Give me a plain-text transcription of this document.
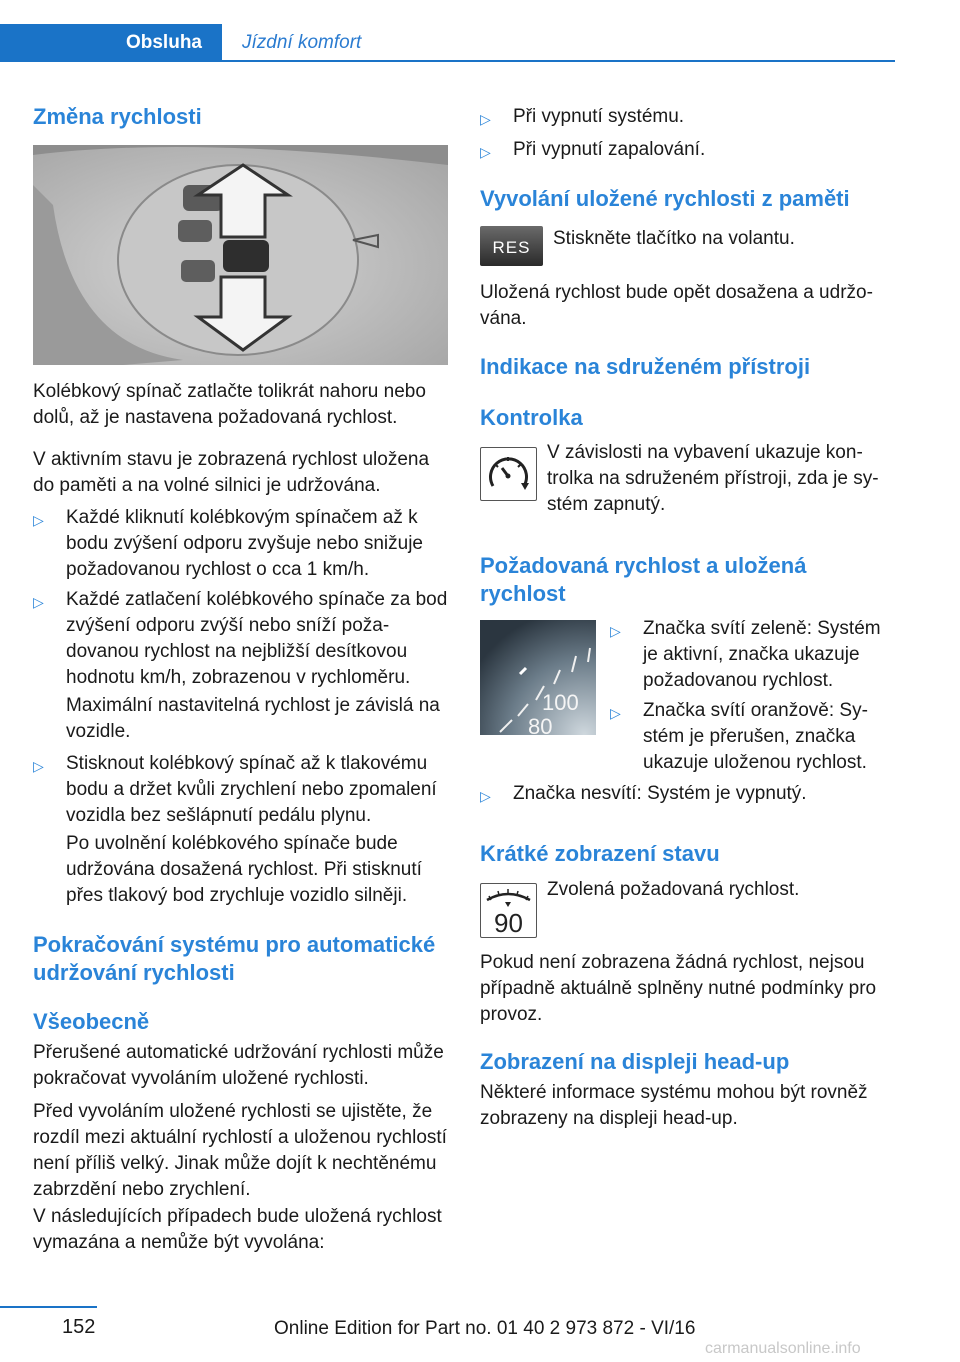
Obsluha	Jízdní komfort
Změna rychlosti

Kolébkový spínač zatlačte tolikrát nahoru nebo dolů, až je nastavena požadovaná rychlost.

V aktivním stavu je zobrazená rychlost uložena do paměti a na volné silnici je udržována.

▷ Každé kliknutí kolébkovým spínačem až k bodu zvýšení odporu zvyšuje nebo snižuje požadovanou rychlost o cca 1 km/h.
▷ Každé zatlačení kolébkového spínače za bod zvýšení odporu zvýší nebo sníží požadovanou rychlost na nejbližší desítkovou hodnotu km/h, zobrazenou v rychloměru.
Maximální nastavitelná rychlost je závislá na vozidle.
▷ Stisknout kolébkový spínač až k tlakovému bodu a držet kvůli zrychlení nebo zpomalení vozidla bez sešlápnutí pedálu plynu.
Po uvolnění kolébkového spínače bude udržována dosažená rychlost. Při stisknutí přes tlakový bod zrychluje vozidlo silněji.
Pokračování systému pro automatické udržování rychlosti
Všeobecně

Přerušené automatické udržování rychlosti může pokračovat vyvoláním uložené rychlosti.

Před vyvoláním uložené rychlosti se ujistěte, že rozdíl mezi aktuální rychlostí a uloženou rychlostí není příliš velký. Jinak může dojít k nechtěnému zabrzdění nebo zrychlení.

V následujících případech bude uložená rychlost vymazána a nemůže být vyvolána:

▷ Při vypnutí systému.
▷ Při vypnutí zapalování.
Vyvolání uložené rychlosti z paměti
RES	Stiskněte tlačítko na volantu.

Uložená rychlost bude opět dosažena a udržována.

Indikace na sdruženém přístroji
Kontrolka

V závislosti na vybavení ukazuje kontrolka na sdruženém přístroji, zda je systém zapnutý.

Požadovaná rychlost a uložená rychlost
100
80
▷ Značka svítí zeleně: Systém je aktivní, značka ukazuje požadovanou rychlost.
▷ Značka svítí oranžově: Systém je přerušen, značka ukazuje uloženou rychlost.
▷ Značka nesvítí: Systém je vypnutý.
Krátké zobrazení stavu
90

Zvolená požadovaná rychlost.

Pokud není zobrazena žádná rychlost, nejsou případně aktuálně splněny nutné podmínky pro provoz.

Zobrazení na displeji head-up

Některé informace systému mohou být rovněž zobrazeny na displeji head-up.

152	Online Edition for Part no. 01 40 2 973 872 - VI/16
carmanualsonline.info
